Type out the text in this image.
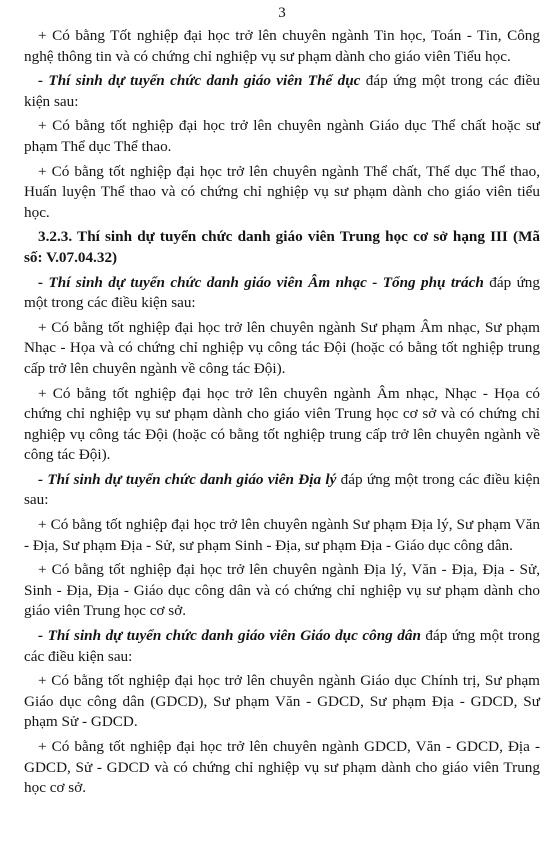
3

+ Có bằng Tốt nghiệp đại học trở lên chuyên ngành Tin học, Toán - Tin, Công nghệ thông tin và có chứng chỉ nghiệp vụ sư phạm dành cho giáo viên Tiểu học.

- Thí sinh dự tuyển chức danh giáo viên Thể dục đáp ứng một trong các điều kiện sau:

+ Có bằng tốt nghiệp đại học trở lên chuyên ngành Giáo dục Thể chất hoặc sư phạm Thể dục Thể thao.

+ Có bằng tốt nghiệp đại học trở lên chuyên ngành Thể chất, Thể dục Thể thao, Huấn luyện Thể thao và có chứng chỉ nghiệp vụ sư phạm dành cho giáo viên tiểu học.

3.2.3. Thí sinh dự tuyển chức danh giáo viên Trung học cơ sở hạng III (Mã số: V.07.04.32)

- Thí sinh dự tuyển chức danh giáo viên Âm nhạc - Tổng phụ trách đáp ứng một trong các điều kiện sau:

+ Có bằng tốt nghiệp đại học trở lên chuyên ngành Sư phạm Âm nhạc, Sư phạm Nhạc - Họa và có chứng chỉ nghiệp vụ công tác Đội (hoặc có bằng tốt nghiệp trung cấp trở lên chuyên ngành về công tác Đội).

+ Có bằng tốt nghiệp đại học trở lên chuyên ngành Âm nhạc, Nhạc - Họa có chứng chỉ nghiệp vụ sư phạm dành cho giáo viên Trung học cơ sở và có chứng chỉ nghiệp vụ công tác Đội (hoặc có bằng tốt nghiệp trung cấp trở lên chuyên ngành về công tác Đội).

- Thí sinh dự tuyển chức danh giáo viên Địa lý đáp ứng một trong các điều kiện sau:

+ Có bằng tốt nghiệp đại học trở lên chuyên ngành Sư phạm Địa lý, Sư phạm Văn - Địa, Sư phạm Địa - Sử, sư phạm Sinh - Địa, sư phạm Địa - Giáo dục công dân.

+ Có bằng tốt nghiệp đại học trở lên chuyên ngành Địa lý, Văn - Địa, Địa - Sử, Sinh - Địa, Địa - Giáo dục công dân và có chứng chỉ nghiệp vụ sư phạm dành cho giáo viên Trung học cơ sở.

- Thí sinh dự tuyển chức danh giáo viên Giáo dục công dân đáp ứng một trong các điều kiện sau:

+ Có bằng tốt nghiệp đại học trở lên chuyên ngành Giáo dục Chính trị, Sư phạm Giáo dục công dân (GDCD), Sư phạm Văn - GDCD, Sư phạm Địa - GDCD, Sư phạm Sử - GDCD.

+ Có bằng tốt nghiệp đại học trở lên chuyên ngành GDCD, Văn - GDCD, Địa - GDCD, Sử - GDCD và có chứng chỉ nghiệp vụ sư phạm dành cho giáo viên Trung học cơ sở.
